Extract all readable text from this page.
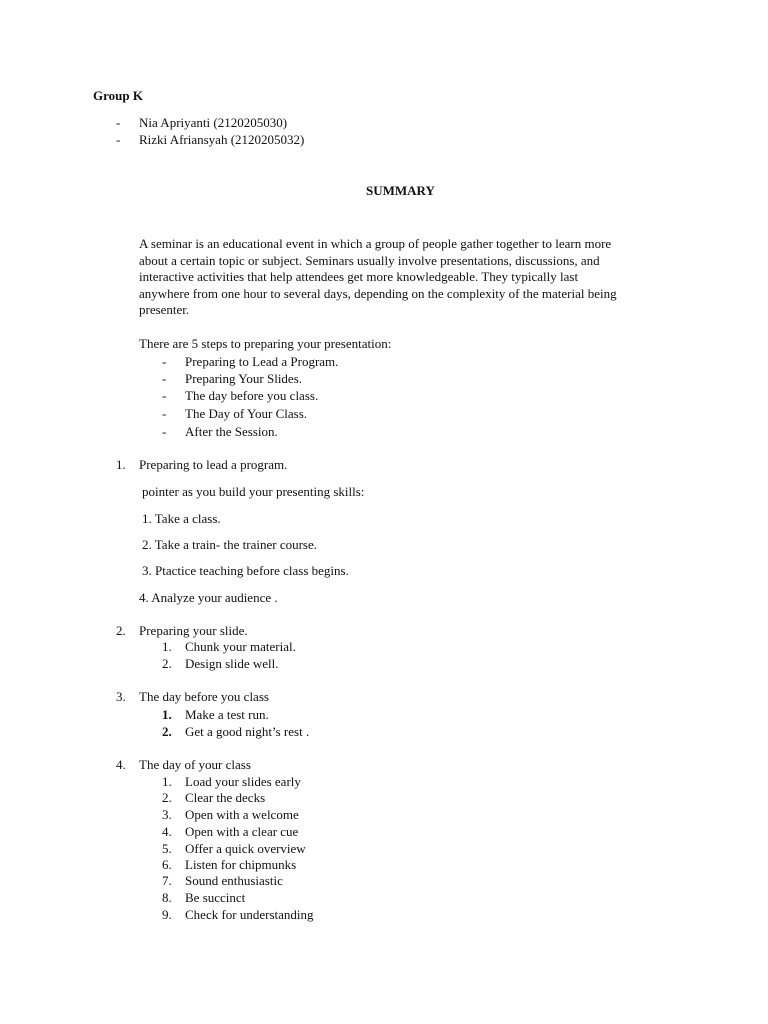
Group K
- Nia Apriyanti (2120205030)
- Rizki Afriansyah (2120205032)
SUMMARY
A seminar is an educational event in which a group of people gather together to learn more
about a certain topic or subject. Seminars usually involve presentations, discussions, and
interactive activities that help attendees get more knowledgeable. They typically last
anywhere from one hour to several days, depending on the complexity of the material being
presenter.
There are 5 steps to preparing your presentation:
- Preparing to Lead a Program.
- Preparing Your Slides.
- The day before you class.
- The Day of Your Class.
- After the Session.
1. Preparing to lead a program.
pointer as you build your presenting skills:
1. Take a class.
2. Take a train- the trainer course.
3. Ptactice teaching before class begins.
4. Analyze your audience .
2. Preparing your slide.
1. Chunk your material.
2. Design slide well.
3. The day before you class
1. Make a test run.
2. Get a good night’s rest .
4. The day of your class
1. Load your slides early
2. Clear the decks
3. Open with a welcome
4. Open with a clear cue
5. Offer a quick overview
6. Listen for chipmunks
7. Sound enthusiastic
8. Be succinct
9. Check for understanding
